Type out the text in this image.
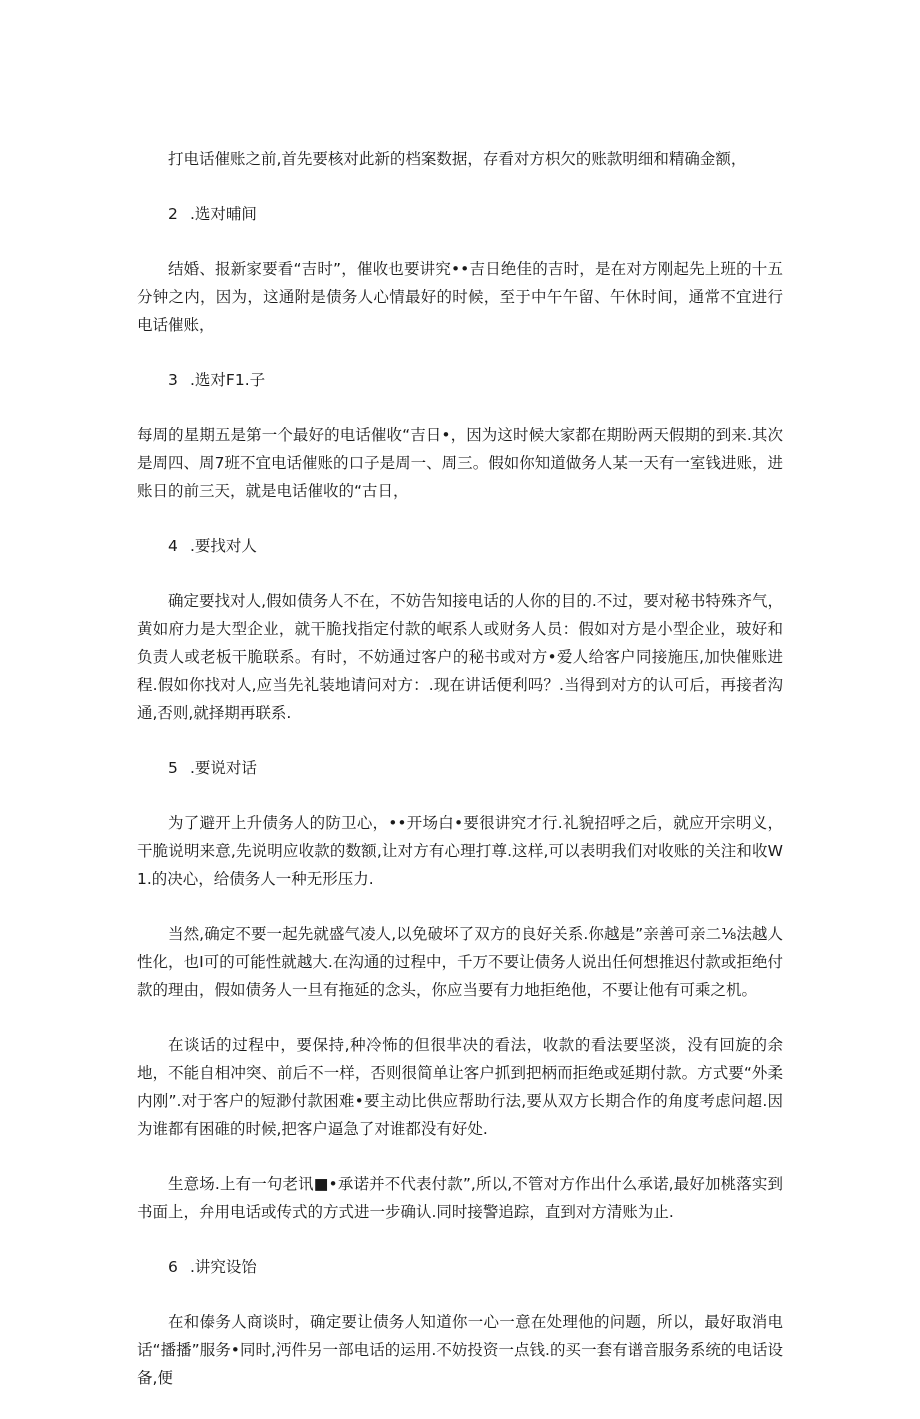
打电话催账之前,首先要核对此新的档案数据，存看对方枳欠的账款明细和精确金额，

2 .选对晡间

结婚、报新家要看“吉时”，催收也要讲究••吉日绝佳的吉时，是在对方刚起先上班的十五分钟之内，因为，这通附是债务人心情最好的时候，至于中午午留、午休时间，通常不宜进行电话催账，

3 .选对F1.子

每周的星期五是第一个最好的电话催收“吉日•，因为这时候大家都在期盼两天假期的到来.其次是周四、周7班不宜电话催账的口子是周一、周三。假如你知道做务人某一天有一室钱进账，进账日的前三天，就是电话催收的“古日，

4 .要找对人

确定要找对人,假如债务人不在，不妨告知接电话的人你的目的.不过，要对秘书特殊齐气，黄如府力是大型企业，就干脆找指定付款的岷系人或财务人员：假如对方是小型企业，玻好和负责人或老板干脆联系。有时，不妨通过客户的秘书或对方•爱人给客户同接施压,加快催账进程.假如你找对人,应当先礼装地请问对方：.现在讲话便利吗？.当得到对方的认可后，再接者沟通,否则,就择期再联系.

5 .要说对话

为了避开上升债务人的防卫心，••开场白•要很讲究才行.礼貌招呼之后，就应开宗明义，干脆说明来意,先说明应收款的数额,让对方有心理打尊.这样,可以表明我们对收账的关注和收W1.的决心，给债务人一种无形压力.

当然,确定不要一起先就盛气凌人,以免破坏了双方的良好关系.你越是”亲善可亲二⅛法越人性化，也I可的可能性就越大.在沟通的过程中，千万不要让债务人说出任何想推迟付款或拒绝付款的理由，假如债务人一旦有拖延的念头，你应当要有力地拒绝他，不要让他有可乘之机。

在谈话的过程中，要保持,种冷怖的但很芈决的看法，收款的看法要坚淡，没有回旋的余地，不能自相冲突、前后不一样，否则很简单让客户抓到把柄而拒绝或延期付款。方式要“外柔内刚”.对于客户的短渺付款困难•要主动比供应帮助行法,要从双方长期合作的角度考虑问超.因为谁都有困碓的时候,把客户逼急了对谁都没有好处.

生意场.上有一句老讯■•承诺并不代表付款”,所以,不管对方作出什么承诺,最好加桃落实到书面上，弁用电话或传式的方式进一步确认.同时接警追踪，直到对方清账为止.

6 .讲究设饴

在和傣务人商谈时，确定要让债务人知道你一心一意在处理他的问题，所以，最好取消电话“播播”服务•同时,沔件另一部电话的运用.不妨投资一点钱.的买一套有谱音服务系统的电话设备,便
